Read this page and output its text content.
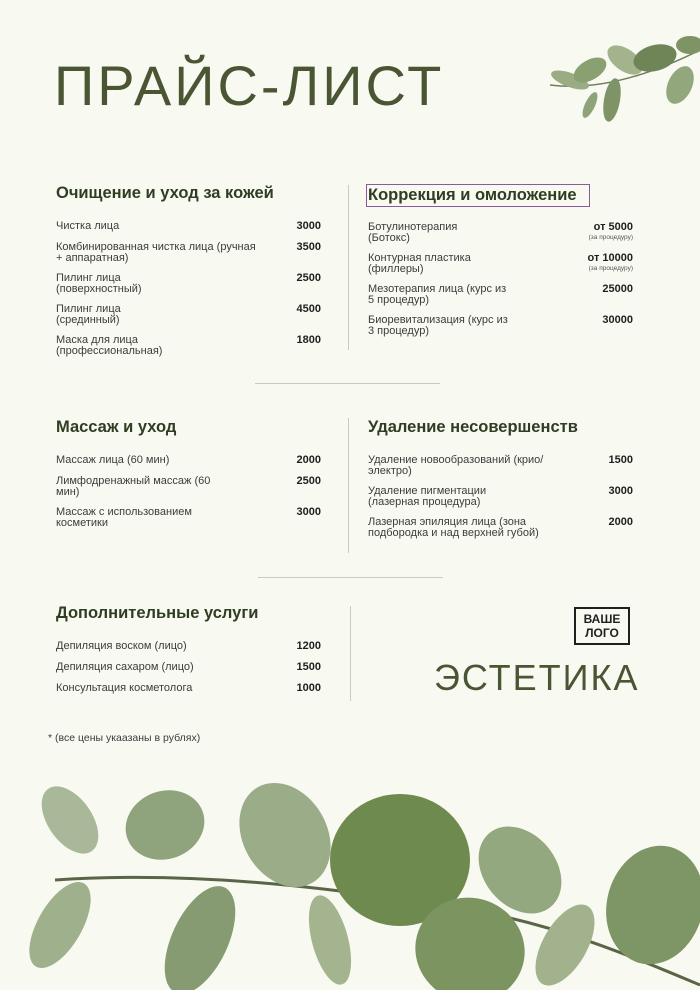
ПРАЙС-ЛИСТ
Очищение и уход за кожей
Чистка лица	3000
Комбинированная чистка лица (ручная + аппаратная)
3500
Пилинг лица (поверхностный)
2500
Пилинг лица (срединный)
4500
Маска для лица (профессиональная)
1800
Коррекция и омоложение
Ботулинотерапия (Ботокс)
от 5000
(за процедуру)
Контурная пластика (филлеры)
от 10000
(за процедуру)
Мезотерапия лица (курс из 5 процедур)
25000
Биоревитализация (курс из 3 процедур)
30000
Массаж и уход
Массаж лица (60 мин)	2000
Лимфодренажный массаж (60 мин)
2500
Массаж с использованием косметики
3000
Удаление несовершенств
Удаление новообразований (крио/электро)
1500
Удаление пигментации (лазерная процедура)
3000
Лазерная эпиляция лица (зона подбородка и над верхней губой)
2000
Дополнительные услуги
Депиляция воском (лицо)	1200
Депиляция сахаром (лицо)	1500
Консультация косметолога	1000
ВАШЕ
ЛОГО
ЭСТЕТИКА
* (все цены укаазаны в рублях)
